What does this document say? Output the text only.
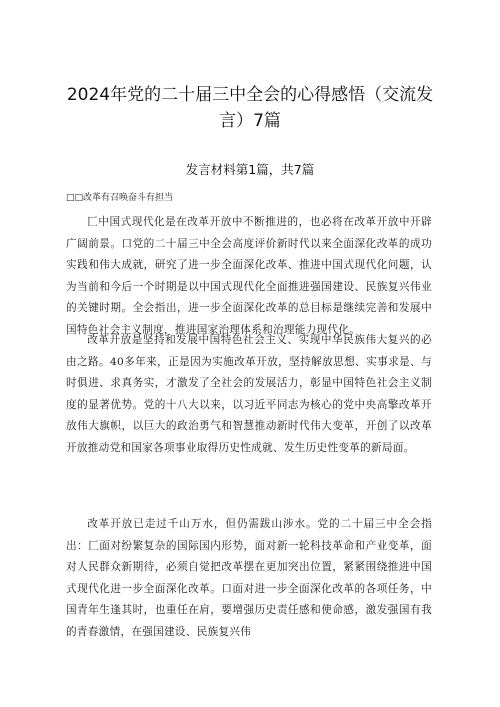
2024年党的二十届三中全会的心得感悟（交流发言）7篇
发言材料第1篇，共7篇
□□改革有召唤奋斗有担当

匚中国式现代化是在改革开放中不断推进的，也必将在改革开放中开辟广阔前景。口党的二十届三中全会高度评价新时代以来全面深化改革的成功实践和伟大成就，研究了进一步全面深化改革、推进中国式现代化问题，认为当前和今后一个时期是以中国式现代化全面推进强国建设、民族复兴伟业的关键时期。全会指出，进一步全面深化改革的总目标是继续完善和发展中国特色社会主义制度，推进国家治理体系和治理能力现代化。

改革开放是坚持和发展中国特色社会主义、实现中华民族伟大复兴的必由之路。40多年来，正是因为实施改革开放，坚持解放思想、实事求是、与时俱进、求真务实，才激发了全社会的发展活力，彰显中国特色社会主义制度的显著优势。党的十八大以来，以习近平同志为核心的党中央高擎改革开放伟大旗帜，以巨大的政治勇气和智慧推动新时代伟大变革，开创了以改革开放推动党和国家各项事业取得历史性成就、发生历史性变革的新局面。

改革开放已走过千山万水，但仍需跋山涉水。党的二十届三中全会指出：匚面对纷繁复杂的国际国内形势，面对新一轮科技革命和产业变革，面对人民群众新期待，必须自觉把改革摆在更加突出位置，紧紧围绕推进中国式现代化进一步全面深化改革。口面对进一步全面深化改革的各项任务，中国青年生逢其时，也重任在肩，要增强历史责任感和使命感，激发强国有我的青春激情，在强国建设、民族复兴伟
